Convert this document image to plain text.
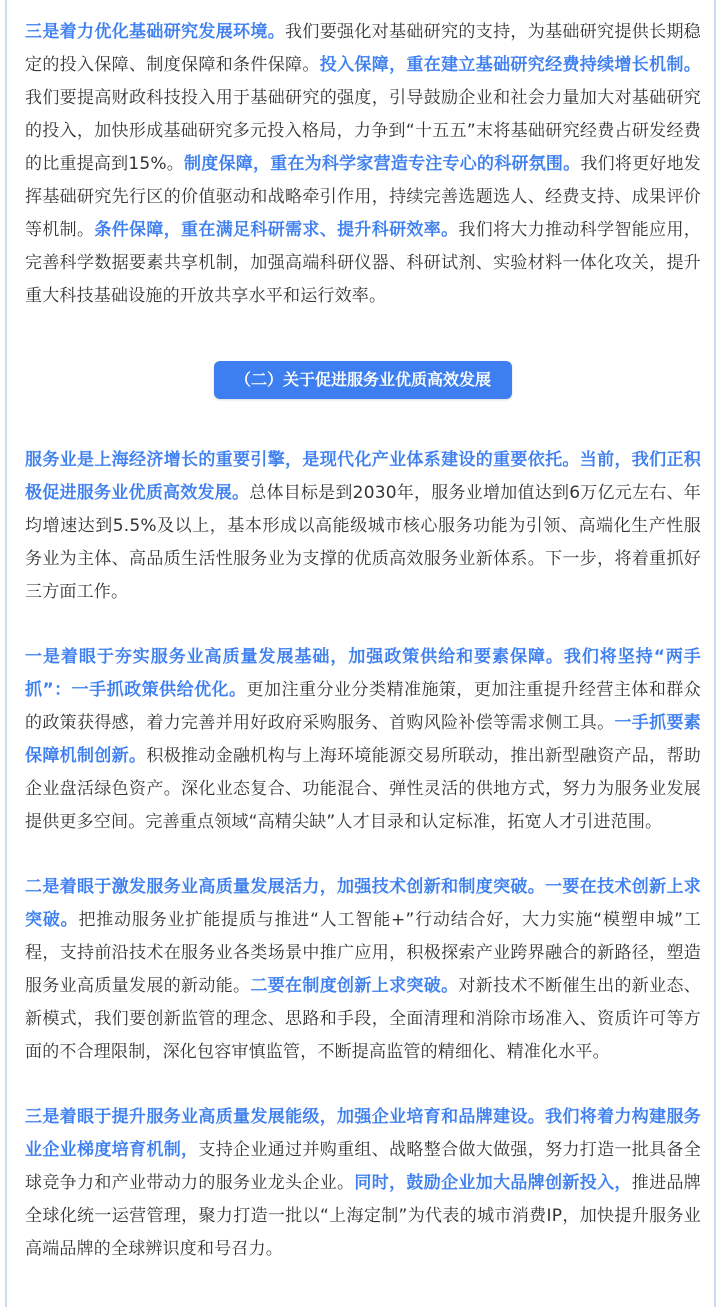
三是着力优化基础研究发展环境。我们要强化对基础研究的支持，为基础研究提供长期稳定的投入保障、制度保障和条件保障。投入保障，重在建立基础研究经费持续增长机制。我们要提高财政科技投入用于基础研究的强度，引导鼓励企业和社会力量加大对基础研究的投入，加快形成基础研究多元投入格局，力争到“十五五”末将基础研究经费占研发经费的比重提高到15%。制度保障，重在为科学家营造专注专心的科研氛围。我们将更好地发挥基础研究先行区的价值驱动和战略牵引作用，持续完善选题选人、经费支持、成果评价等机制。条件保障，重在满足科研需求、提升科研效率。我们将大力推动科学智能应用，完善科学数据要素共享机制，加强高端科研仪器、科研试剂、实验材料一体化攻关，提升重大科技基础设施的开放共享水平和运行效率。

（二）关于促进服务业优质高效发展

服务业是上海经济增长的重要引擎，是现代化产业体系建设的重要依托。当前，我们正积极促进服务业优质高效发展。总体目标是到2030年，服务业增加值达到6万亿元左右、年均增速达到5.5%及以上，基本形成以高能级城市核心服务功能为引领、高端化生产性服务业为主体、高品质生活性服务业为支撑的优质高效服务业新体系。下一步，将着重抓好三方面工作。

一是着眼于夯实服务业高质量发展基础，加强政策供给和要素保障。我们将坚持“两手抓”：一手抓政策供给优化。更加注重分业分类精准施策，更加注重提升经营主体和群众的政策获得感，着力完善并用好政府采购服务、首购风险补偿等需求侧工具。一手抓要素保障机制创新。积极推动金融机构与上海环境能源交易所联动，推出新型融资产品，帮助企业盘活绿色资产。深化业态复合、功能混合、弹性灵活的供地方式，努力为服务业发展提供更多空间。完善重点领域“高精尖缺”人才目录和认定标准，拓宽人才引进范围。

二是着眼于激发服务业高质量发展活力，加强技术创新和制度突破。一要在技术创新上求突破。把推动服务业扩能提质与推进“人工智能+”行动结合好，大力实施“模塑申城”工程，支持前沿技术在服务业各类场景中推广应用，积极探索产业跨界融合的新路径，塑造服务业高质量发展的新动能。二要在制度创新上求突破。对新技术不断催生出的新业态、新模式，我们要创新监管的理念、思路和手段，全面清理和消除市场准入、资质许可等方面的不合理限制，深化包容审慎监管，不断提高监管的精细化、精准化水平。

三是着眼于提升服务业高质量发展能级，加强企业培育和品牌建设。我们将着力构建服务业企业梯度培育机制，支持企业通过并购重组、战略整合做大做强，努力打造一批具备全球竞争力和产业带动力的服务业龙头企业。同时，鼓励企业加大品牌创新投入，推进品牌全球化统一运营管理，聚力打造一批以“上海定制”为代表的城市消费IP，加快提升服务业高端品牌的全球辨识度和号召力。
